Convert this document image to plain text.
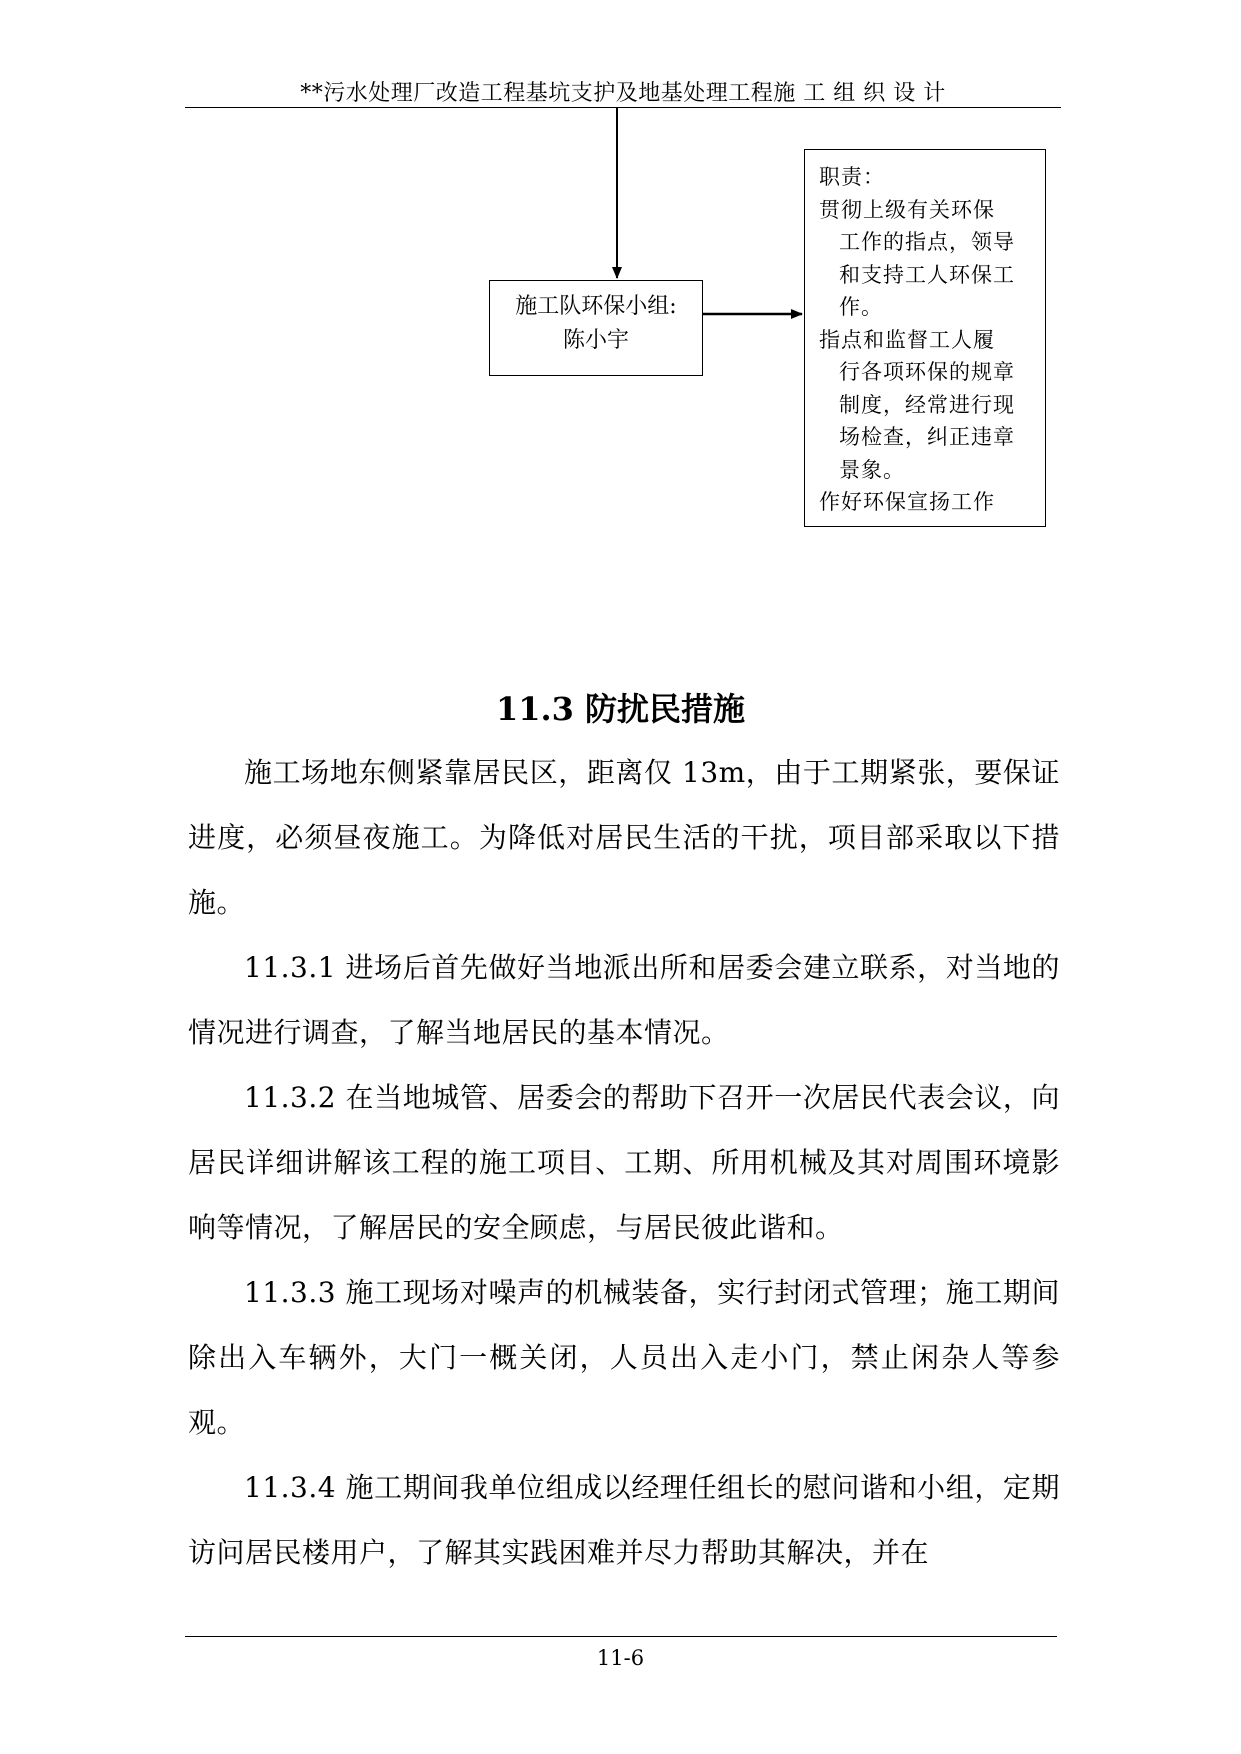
**污水处理厂改造工程基坑支护及地基处理工程施 工 组 织 设 计
施工队环保小组:
陈小宇
职责：
贯彻上级有关环保
工作的指点，领导
和支持工人环保工
作。
指点和监督工人履
行各项环保的规章
制度，经常进行现
场检查，纠正违章
景象。
作好环保宣扬工作
11.3 防扰民措施

施工场地东侧紧靠居民区，距离仅 13m，由于工期紧张，要保证进度，必须昼夜施工。为降低对居民生活的干扰，项目部采取以下措施。

11.3.1 进场后首先做好当地派出所和居委会建立联系，对当地的情况进行调查，了解当地居民的基本情况。

11.3.2 在当地城管、居委会的帮助下召开一次居民代表会议，向居民详细讲解该工程的施工项目、工期、所用机械及其对周围环境影响等情况，了解居民的安全顾虑，与居民彼此谐和。

11.3.3 施工现场对噪声的机械装备，实行封闭式管理；施工期间除出入车辆外，大门一概关闭，人员出入走小门，禁止闲杂人等参观。

11.3.4 施工期间我单位组成以经理任组长的慰问谐和小组，定期访问居民楼用户，了解其实践困难并尽力帮助其解决，并在

11-6
